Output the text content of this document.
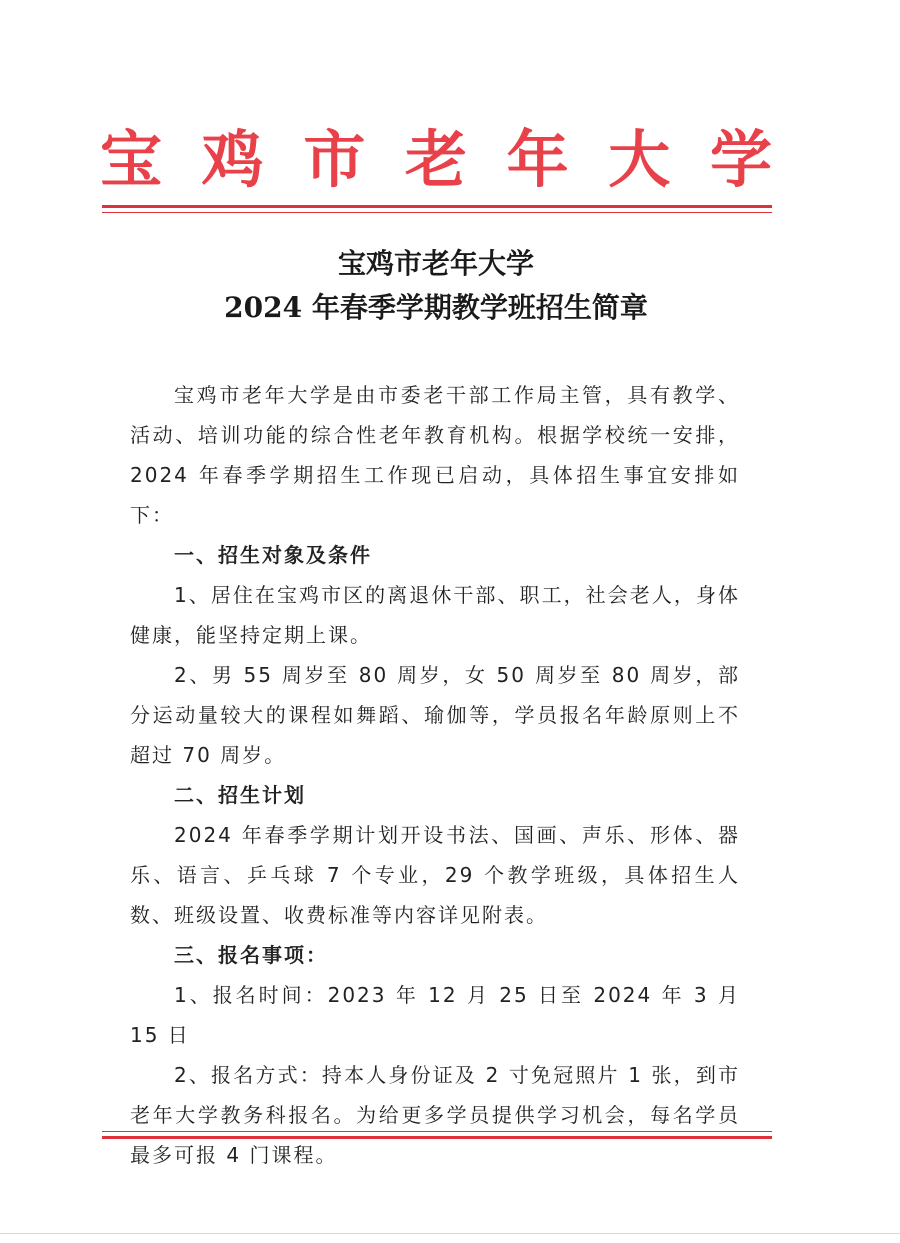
宝 鸡 市 老 年 大 学
宝鸡市老年大学
2024 年春季学期教学班招生简章

宝鸡市老年大学是由市委老干部工作局主管，具有教学、活动、培训功能的综合性老年教育机构。根据学校统一安排，2024 年春季学期招生工作现已启动，具体招生事宜安排如下：

一、招生对象及条件

1、居住在宝鸡市区的离退休干部、职工，社会老人，身体健康，能坚持定期上课。

2、男 55 周岁至 80 周岁，女 50 周岁至 80 周岁，部分运动量较大的课程如舞蹈、瑜伽等，学员报名年龄原则上不超过 70 周岁。

二、招生计划

2024 年春季学期计划开设书法、国画、声乐、形体、器乐、语言、乒乓球 7 个专业，29 个教学班级，具体招生人数、班级设置、收费标准等内容详见附表。

三、报名事项：

1、报名时间：2023 年 12 月 25 日至 2024 年 3 月 15 日

2、报名方式：持本人身份证及 2 寸免冠照片 1 张，到市老年大学教务科报名。为给更多学员提供学习机会，每名学员最多可报 4 门课程。
